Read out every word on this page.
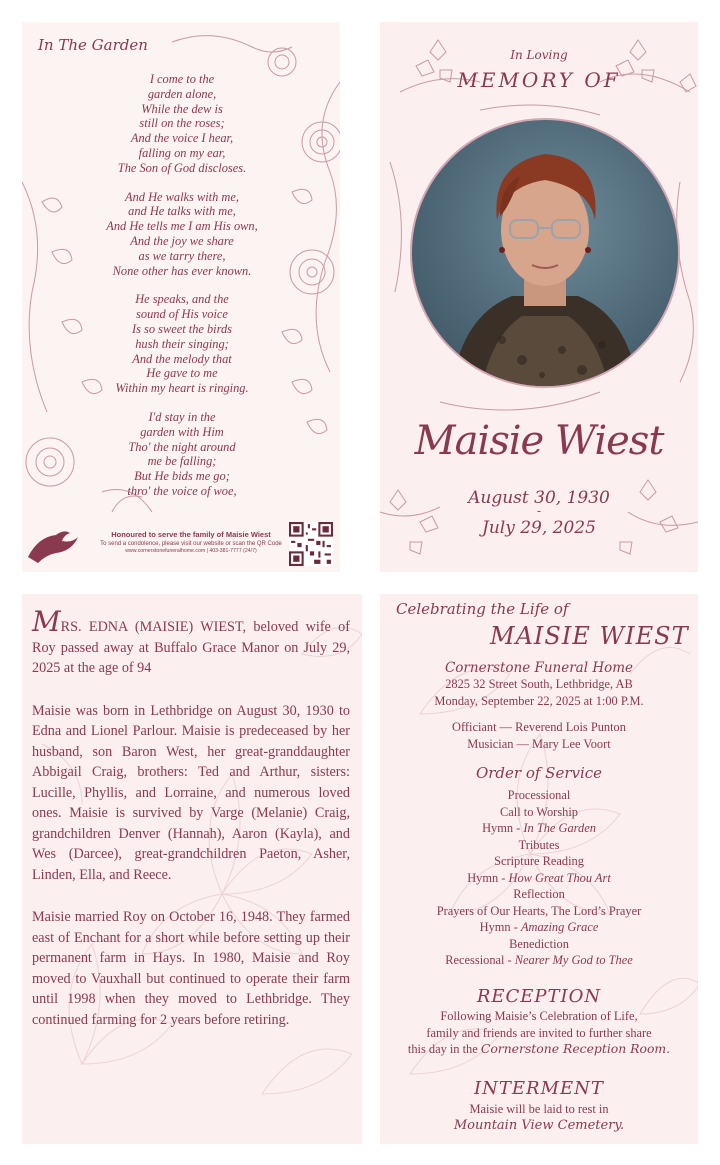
In The Garden
I come to the
garden alone,
While the dew is
still on the roses;
And the voice I hear,
falling on my ear,
The Son of God discloses.
And He walks with me,
and He talks with me,
And He tells me I am His own,
And the joy we share
as we tarry there,
None other has ever known.
He speaks, and the
sound of His voice
Is so sweet the birds
hush their singing;
And the melody that
He gave to me
Within my heart is ringing.
I'd stay in the
garden with Him
Tho' the night around
me be falling;
But He bids me go;
thro' the voice of woe,
Honoured to serve the family of Maisie Wiest
To send a condolence, please visit our website or scan the QR Code
www.cornerstonefuneralhome.com | 403-381-7777 (24/7)
In Loving
MEMORY OF
Maisie Wiest
August 30, 1930
-
July 29, 2025

MRS. EDNA (MAISIE) WIEST, beloved wife of Roy passed away at Buffalo Grace Manor on July 29, 2025 at the age of 94

Maisie was born in Lethbridge on August 30, 1930 to Edna and Lionel Parlour. Maisie is predeceased by her husband, son Baron West, her great-granddaughter Abbigail Craig, brothers: Ted and Arthur, sisters: Lucille, Phyllis, and Lorraine, and numerous loved ones. Maisie is survived by Varge (Melanie) Craig, grandchildren Denver (Hannah), Aaron (Kayla), and Wes (Darcee), great-grandchildren Paeton, Asher, Linden, Ella, and Reece.

Maisie married Roy on October 16, 1948. They farmed east of Enchant for a short while before setting up their permanent farm in Hays. In 1980, Maisie and Roy moved to Vauxhall but continued to operate their farm until 1998 when they moved to Lethbridge. They continued farming for 2 years before retiring.

Celebrating the Life of
MAISIE WIEST
Cornerstone Funeral Home
2825 32 Street South, Lethbridge, AB
Monday, September 22, 2025 at 1:00 P.M.
Officiant — Reverend Lois Punton
Musician — Mary Lee Voort
Order of Service
Processional
Call to Worship
Hymn - In The Garden
Tributes
Scripture Reading
Hymn - How Great Thou Art
Reflection
Prayers of Our Hearts, The Lord’s Prayer
Hymn - Amazing Grace
Benediction
Recessional - Nearer My God to Thee
RECEPTION
Following Maisie’s Celebration of Life,
family and friends are invited to further share
this day in the Cornerstone Reception Room.
INTERMENT
Maisie will be laid to rest in
Mountain View Cemetery.
